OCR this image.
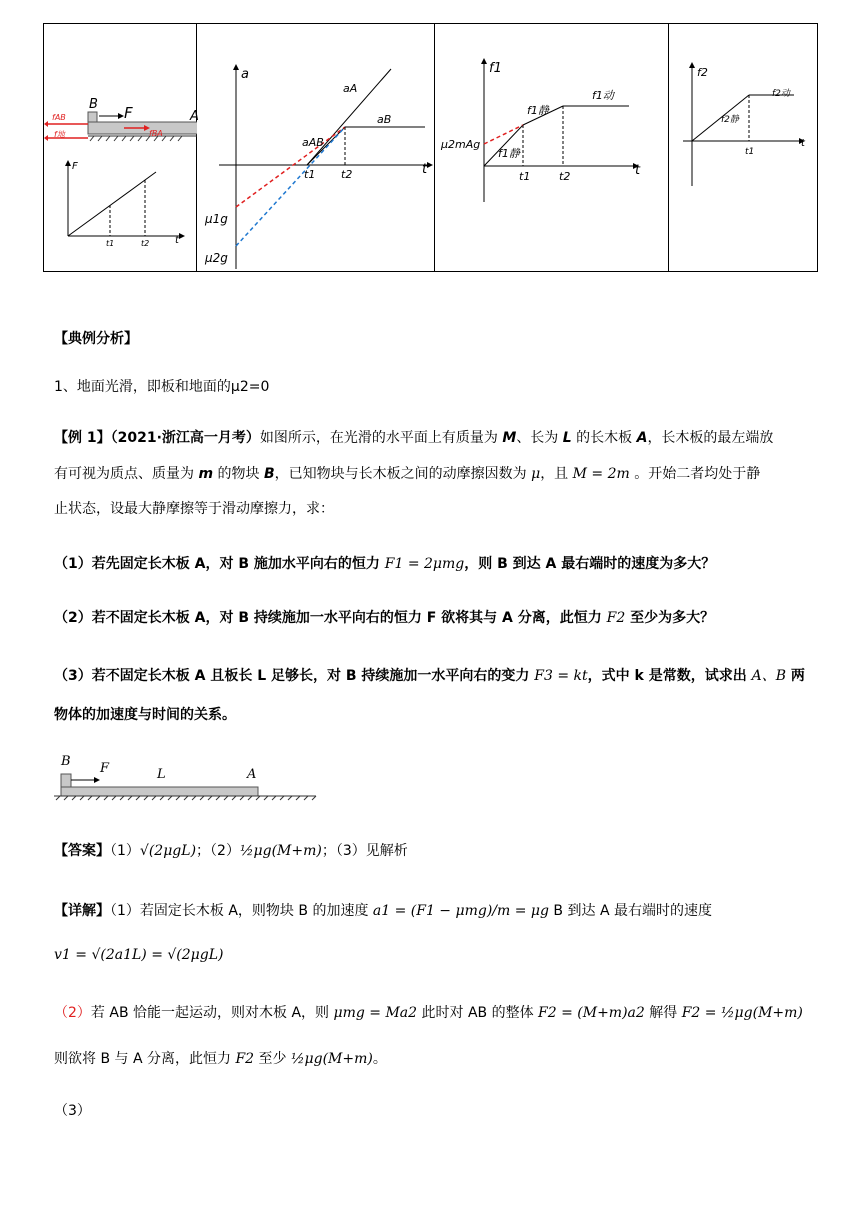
B F	A
fAB
f地	fBA
F
t
t1	t2
a
t
aA
aB
aAB
t1 t2
μ1g
μ2g
f1
t
f1静
f1动
f1静
μ2mAg
t1	t2
f2
t
f2动
f2静
t1
【典例分析】
1、地面光滑，即板和地面的μ2=0
【例 1】（2021·浙江高一月考）如图所示，在光滑的水平面上有质量为 M、长为 L 的长木板 A，长木板的最左端放
有可视为质点、质量为 m 的物块 B，已知物块与长木板之间的动摩擦因数为 μ，且 M = 2m 。开始二者均处于静
止状态，设最大静摩擦等于滑动摩擦力，求：
（1）若先固定长木板 A，对 B 施加水平向右的恒力 F1 = 2μmg，则 B 到达 A 最右端时的速度为多大？
（2）若不固定长木板 A，对 B 持续施加一水平向右的恒力 F 欲将其与 A 分离，此恒力 F2 至少为多大？
（3）若不固定长木板 A 且板长 L 足够长，对 B 持续施加一水平向右的变力 F3 = kt，式中 k 是常数，试求出 A、B 两
物体的加速度与时间的关系。
B F	L	A
【答案】（1）√(2μgL)；（2）½μg(M+m)；（3）见解析
【详解】（1）若固定长木板 A，则物块 B 的加速度 a1 = (F1 − μmg)/m = μg B 到达 A 最右端时的速度
v1 = √(2a1L) = √(2μgL)
（2）若 AB 恰能一起运动，则对木板 A，则 μmg = Ma2 此时对 AB 的整体 F2 = (M+m)a2 解得 F2 = ½μg(M+m)
则欲将 B 与 A 分离，此恒力 F2 至少 ½μg(M+m)。
（3）
